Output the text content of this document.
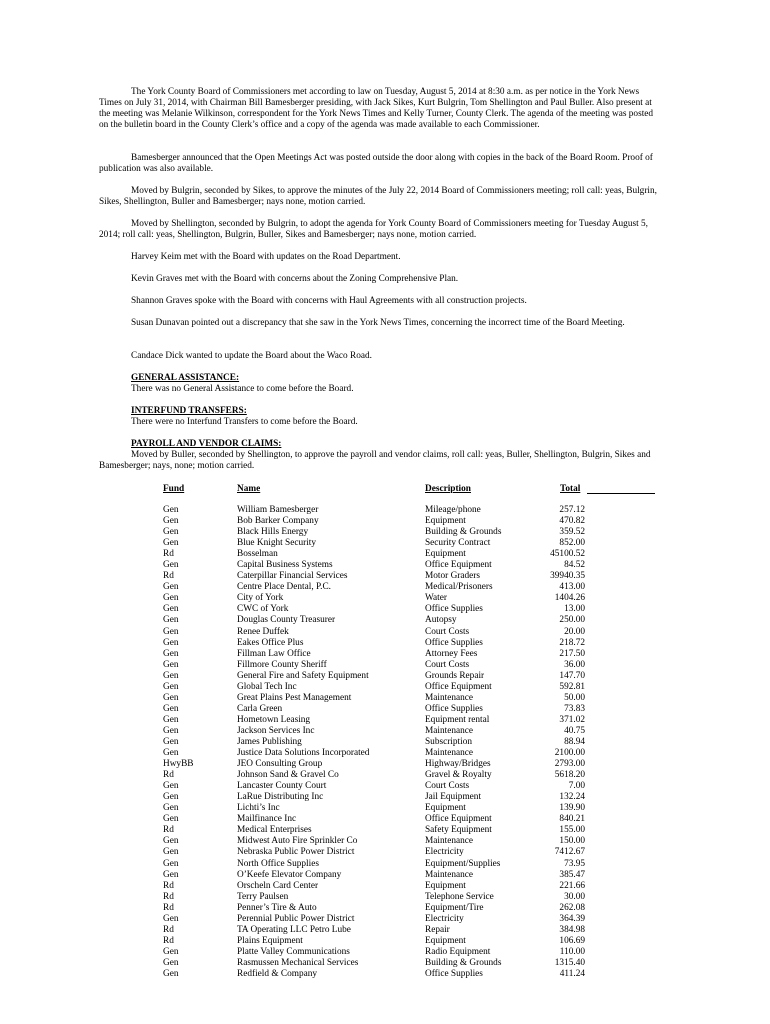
The York County Board of Commissioners met according to law on Tuesday, August 5, 2014 at 8:30 a.m. as per notice in the York News Times on July 31, 2014, with Chairman Bill Bamesberger presiding, with Jack Sikes, Kurt Bulgrin, Tom Shellington and Paul Buller. Also present at the meeting was Melanie Wilkinson, correspondent for the York News Times and Kelly Turner, County Clerk. The agenda of the meeting was posted on the bulletin board in the County Clerk’s office and a copy of the agenda was made available to each Commissioner.

Bamesberger announced that the Open Meetings Act was posted outside the door along with copies in the back of the Board Room. Proof of publication was also available.

Moved by Bulgrin, seconded by Sikes, to approve the minutes of the July 22, 2014 Board of Commissioners meeting; roll call: yeas, Bulgrin, Sikes, Shellington, Buller and Bamesberger; nays none, motion carried.

Moved by Shellington, seconded by Bulgrin, to adopt the agenda for York County Board of Commissioners meeting for Tuesday August 5, 2014; roll call: yeas, Shellington, Bulgrin, Buller, Sikes and Bamesberger; nays none, motion carried.

Harvey Keim met with the Board with updates on the Road Department.

Kevin Graves met with the Board with concerns about the Zoning Comprehensive Plan.

Shannon Graves spoke with the Board with concerns with Haul Agreements with all construction projects.

Susan Dunavan pointed out a discrepancy that she saw in the York News Times, concerning the incorrect time of the Board Meeting.

Candace Dick wanted to update the Board about the Waco Road.

GENERAL ASSISTANCE:

There was no General Assistance to come before the Board.

INTERFUND TRANSFERS:

There were no Interfund Transfers to come before the Board.

PAYROLL AND VENDOR CLAIMS:

Moved by Buller, seconded by Shellington, to approve the payroll and vendor claims, roll call: yeas, Buller, Shellington, Bulgrin, Sikes and Bamesberger; nays, none; motion carried.

Fund	Name	Description	Total
Gen	William Bamesberger	Mileage/phone	257.12
Gen	Bob Barker Company	Equipment	470.82
Gen	Black Hills Energy	Building & Grounds	359.52
Gen	Blue Knight Security	Security Contract	852.00
Rd	Bosselman	Equipment	45100.52
Gen	Capital Business Systems	Office Equipment	84.52
Rd	Caterpillar Financial Services	Motor Graders	39940.35
Gen	Centre Place Dental, P.C.	Medical/Prisoners	413.00
Gen	City of York	Water	1404.26
Gen	CWC of York	Office Supplies	13.00
Gen	Douglas County Treasurer	Autopsy	250.00
Gen	Renee Duffek	Court Costs	20.00
Gen	Eakes Office Plus	Office Supplies	218.72
Gen	Fillman Law Office	Attorney Fees	217.50
Gen	Fillmore County Sheriff	Court Costs	36.00
Gen	General Fire and Safety Equipment	Grounds Repair	147.70
Gen	Global Tech Inc	Office Equipment	592.81
Gen	Great Plains Pest Management	Maintenance	50.00
Gen	Carla Green	Office Supplies	73.83
Gen	Hometown Leasing	Equipment rental	371.02
Gen	Jackson Services Inc	Maintenance	40.75
Gen	James Publishing	Subscription	88.94
Gen	Justice Data Solutions Incorporated	Maintenance	2100.00
HwyBB	JEO Consulting Group	Highway/Bridges	2793.00
Rd	Johnson Sand & Gravel Co	Gravel & Royalty	5618.20
Gen	Lancaster County Court	Court Costs	7.00
Gen	LaRue Distributing Inc	Jail Equipment	132.24
Gen	Lichti’s Inc	Equipment	139.90
Gen	Mailfinance Inc	Office Equipment	840.21
Rd	Medical Enterprises	Safety Equipment	155.00
Gen	Midwest Auto Fire Sprinkler Co	Maintenance	150.00
Gen	Nebraska Public Power District	Electricity	7412.67
Gen	North Office Supplies	Equipment/Supplies	73.95
Gen	O’Keefe Elevator Company	Maintenance	385.47
Rd	Orscheln Card Center	Equipment	221.66
Rd	Terry Paulsen	Telephone Service	30.00
Rd	Penner’s Tire & Auto	Equipment/Tire	262.08
Gen	Perennial Public Power District	Electricity	364.39
Rd	TA Operating LLC Petro Lube	Repair	384.98
Rd	Plains Equipment	Equipment	106.69
Gen	Platte Valley Communications	Radio Equipment	110.00
Gen	Rasmussen Mechanical Services	Building & Grounds	1315.40
Gen	Redfield & Company	Office Supplies	411.24
